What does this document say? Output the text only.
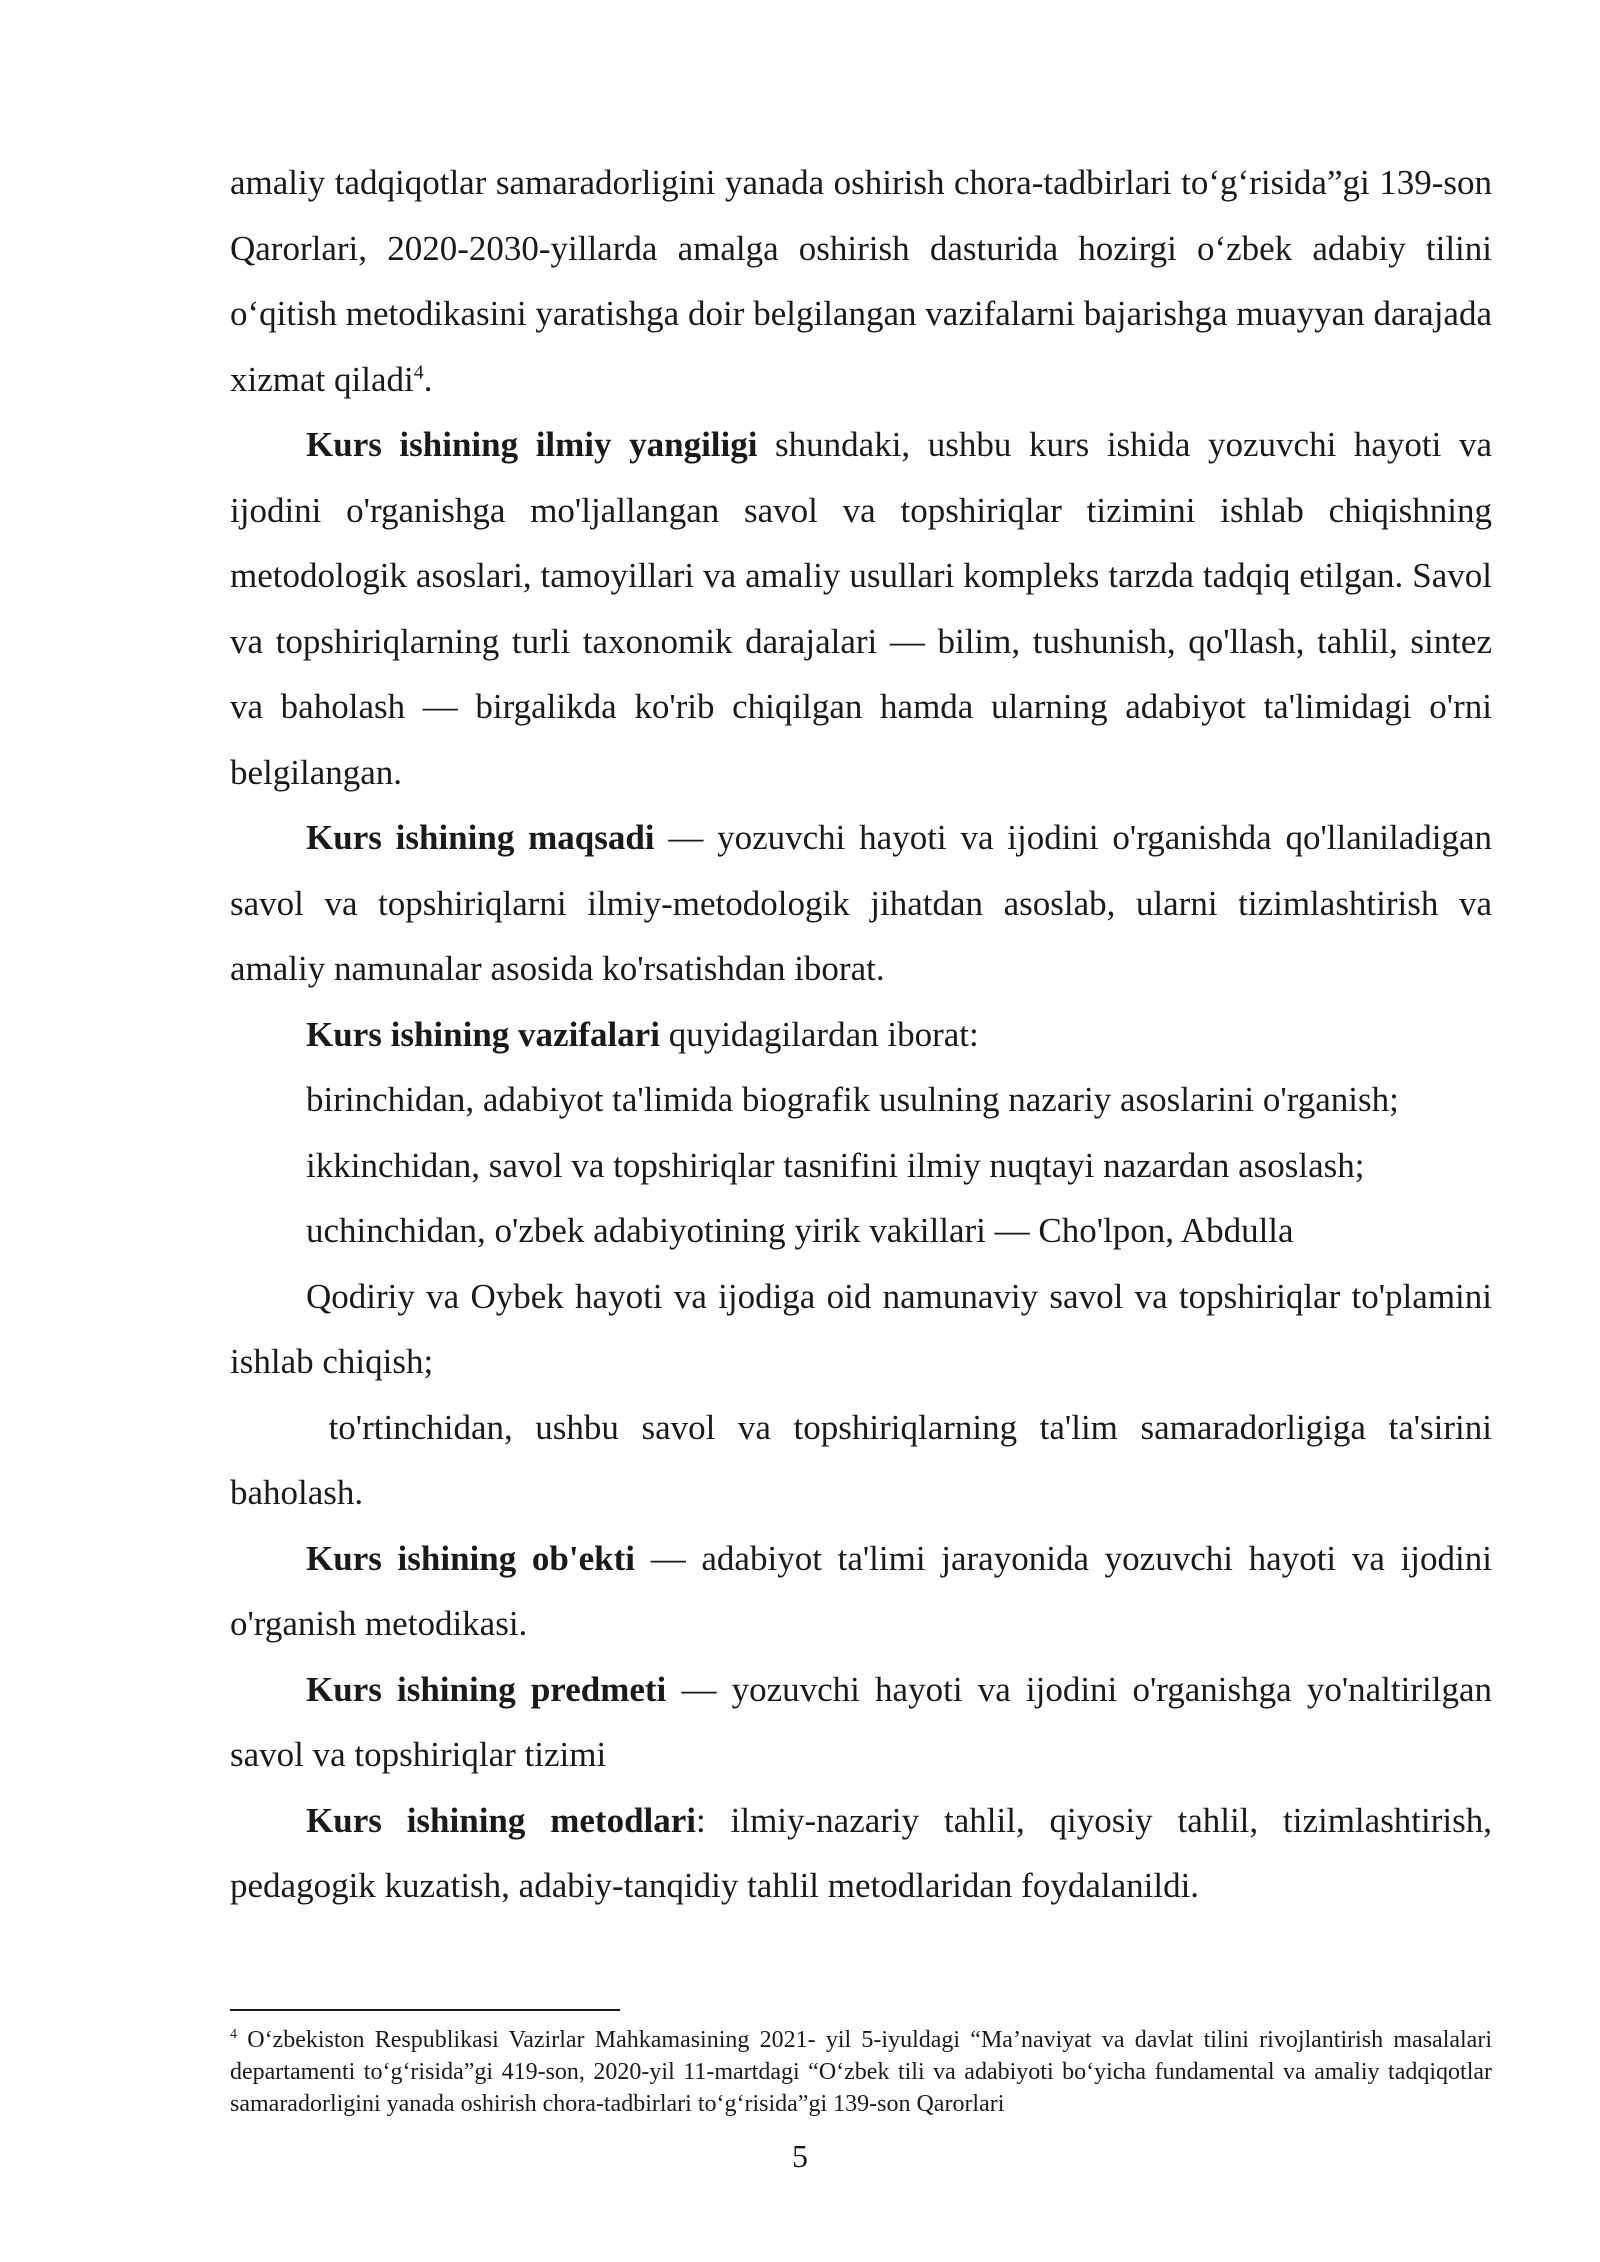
amaliy tadqiqotlar samaradorligini yanada oshirish chora-tadbirlari to‘g‘risida”gi 139-son Qarorlari, 2020-2030-yillarda amalga oshirish dasturida hozirgi o‘zbek adabiy tilini o‘qitish metodikasini yaratishga doir belgilangan vazifalarni bajarishga muayyan darajada xizmat qiladi$^4$.

Kurs ishining ilmiy yangiligi shundaki, ushbu kurs ishida yozuvchi hayoti va ijodini o'rganishga mo'ljallangan savol va topshiriqlar tizimini ishlab chiqishning metodologik asoslari, tamoyillari va amaliy usullari kompleks tarzda tadqiq etilgan. Savol va topshiriqlarning turli taxonomik darajalari — bilim, tushunish, qo'llash, tahlil, sintez va baholash — birgalikda ko'rib chiqilgan hamda ularning adabiyot ta'limidagi o'rni belgilangan.

Kurs ishining maqsadi — yozuvchi hayoti va ijodini o'rganishda qo'llaniladigan savol va topshiriqlarni ilmiy-metodologik jihatdan asoslab, ularni tizimlashtirish va amaliy namunalar asosida ko'rsatishdan iborat.

Kurs ishining vazifalari quyidagilardan iborat:

birinchidan, adabiyot ta'limida biografik usulning nazariy asoslarini o'rganish;

ikkinchidan, savol va topshiriqlar tasnifini ilmiy nuqtayi nazardan asoslash;

uchinchidan, o'zbek adabiyotining yirik vakillari — Cho'lpon, Abdulla

Qodiriy va Oybek hayoti va ijodiga oid namunaviy savol va topshiriqlar to'plamini ishlab chiqish;

to'rtinchidan, ushbu savol va topshiriqlarning ta'lim samaradorligiga ta'sirini baholash.

Kurs ishining ob'ekti — adabiyot ta'limi jarayonida yozuvchi hayoti va ijodini o'rganish metodikasi.

Kurs ishining predmeti — yozuvchi hayoti va ijodini o'rganishga yo'naltirilgan savol va topshiriqlar tizimi

Kurs ishining metodlari: ilmiy-nazariy tahlil, qiyosiy tahlil, tizimlashtirish, pedagogik kuzatish, adabiy-tanqidiy tahlil metodlaridan foydalanildi.

$^4$ O‘zbekiston Respublikasi Vazirlar Mahkamasining 2021- yil 5-iyuldagi “Ma’naviyat va davlat tilini rivojlantirish masalalari departamenti to‘g‘risida”gi 419-son, 2020-yil 11-martdagi “O‘zbek tili va adabiyoti bo‘yicha fundamental va amaliy tadqiqotlar samaradorligini yanada oshirish chora-tadbirlari to‘g‘risida”gi 139-son Qarorlari
5
